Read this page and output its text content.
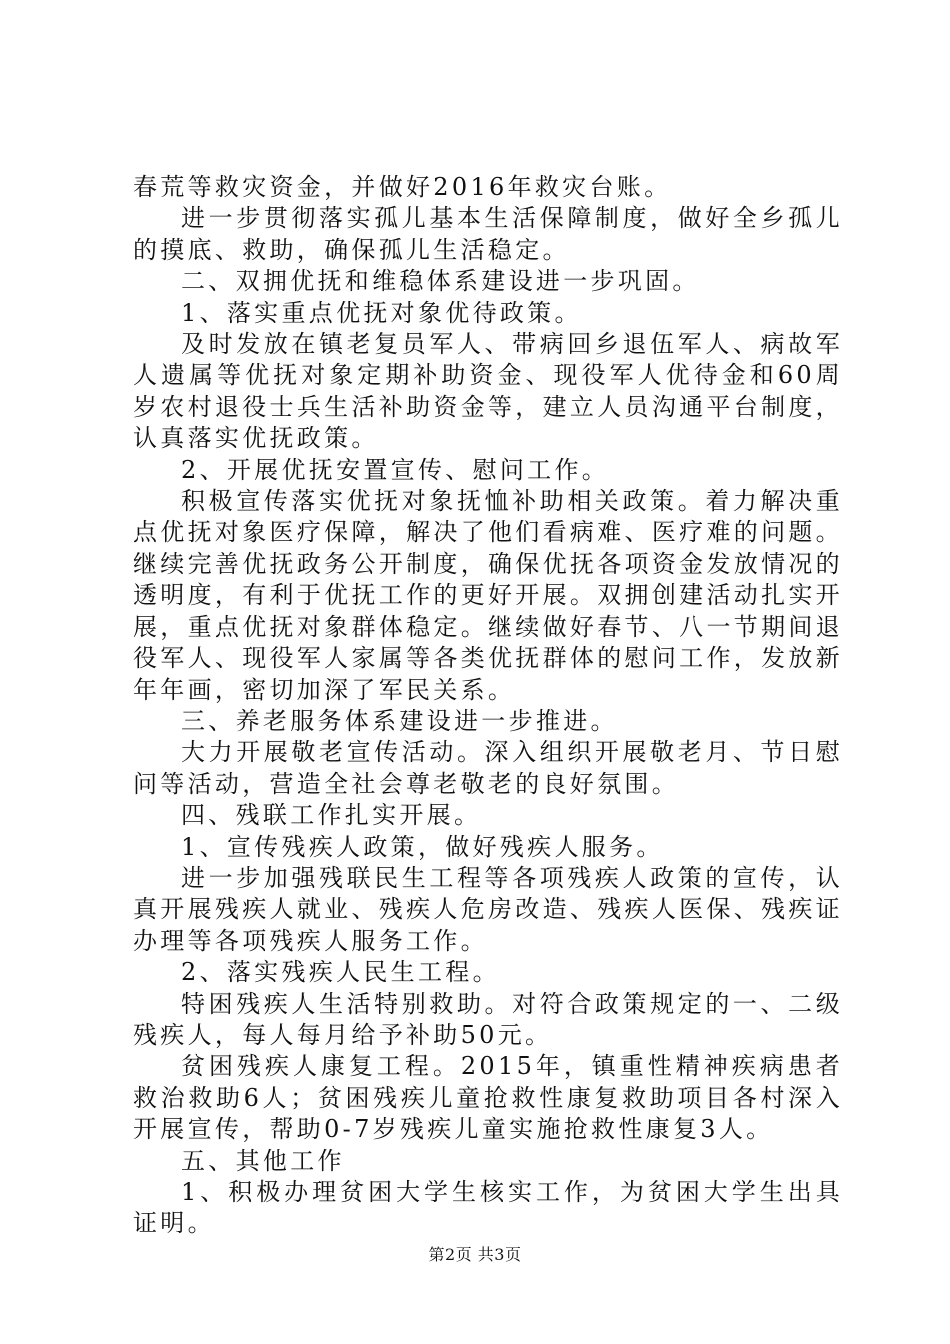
春荒等救灾资金，并做好2016年救灾台账。

进一步贯彻落实孤儿基本生活保障制度，做好全乡孤儿的摸底、救助，确保孤儿生活稳定。

二、双拥优抚和维稳体系建设进一步巩固。

1、落实重点优抚对象优待政策。

及时发放在镇老复员军人、带病回乡退伍军人、病故军人遗属等优抚对象定期补助资金、现役军人优待金和60周岁农村退役士兵生活补助资金等，建立人员沟通平台制度，认真落实优抚政策。

2、开展优抚安置宣传、慰问工作。

积极宣传落实优抚对象抚恤补助相关政策。着力解决重点优抚对象医疗保障，解决了他们看病难、医疗难的问题。继续完善优抚政务公开制度，确保优抚各项资金发放情况的透明度，有利于优抚工作的更好开展。双拥创建活动扎实开展，重点优抚对象群体稳定。继续做好春节、八一节期间退役军人、现役军人家属等各类优抚群体的慰问工作，发放新年年画，密切加深了军民关系。

三、养老服务体系建设进一步推进。

大力开展敬老宣传活动。深入组织开展敬老月、节日慰问等活动，营造全社会尊老敬老的良好氛围。

四、残联工作扎实开展。

1、宣传残疾人政策，做好残疾人服务。

进一步加强残联民生工程等各项残疾人政策的宣传，认真开展残疾人就业、残疾人危房改造、残疾人医保、残疾证办理等各项残疾人服务工作。

2、落实残疾人民生工程。

特困残疾人生活特别救助。对符合政策规定的一、二级残疾人，每人每月给予补助50元。

贫困残疾人康复工程。2015年，镇重性精神疾病患者救治救助6人；贫困残疾儿童抢救性康复救助项目各村深入开展宣传，帮助0-7岁残疾儿童实施抢救性康复3人。

五、其他工作

1、积极办理贫困大学生核实工作，为贫困大学生出具证明。

第2页 共3页
